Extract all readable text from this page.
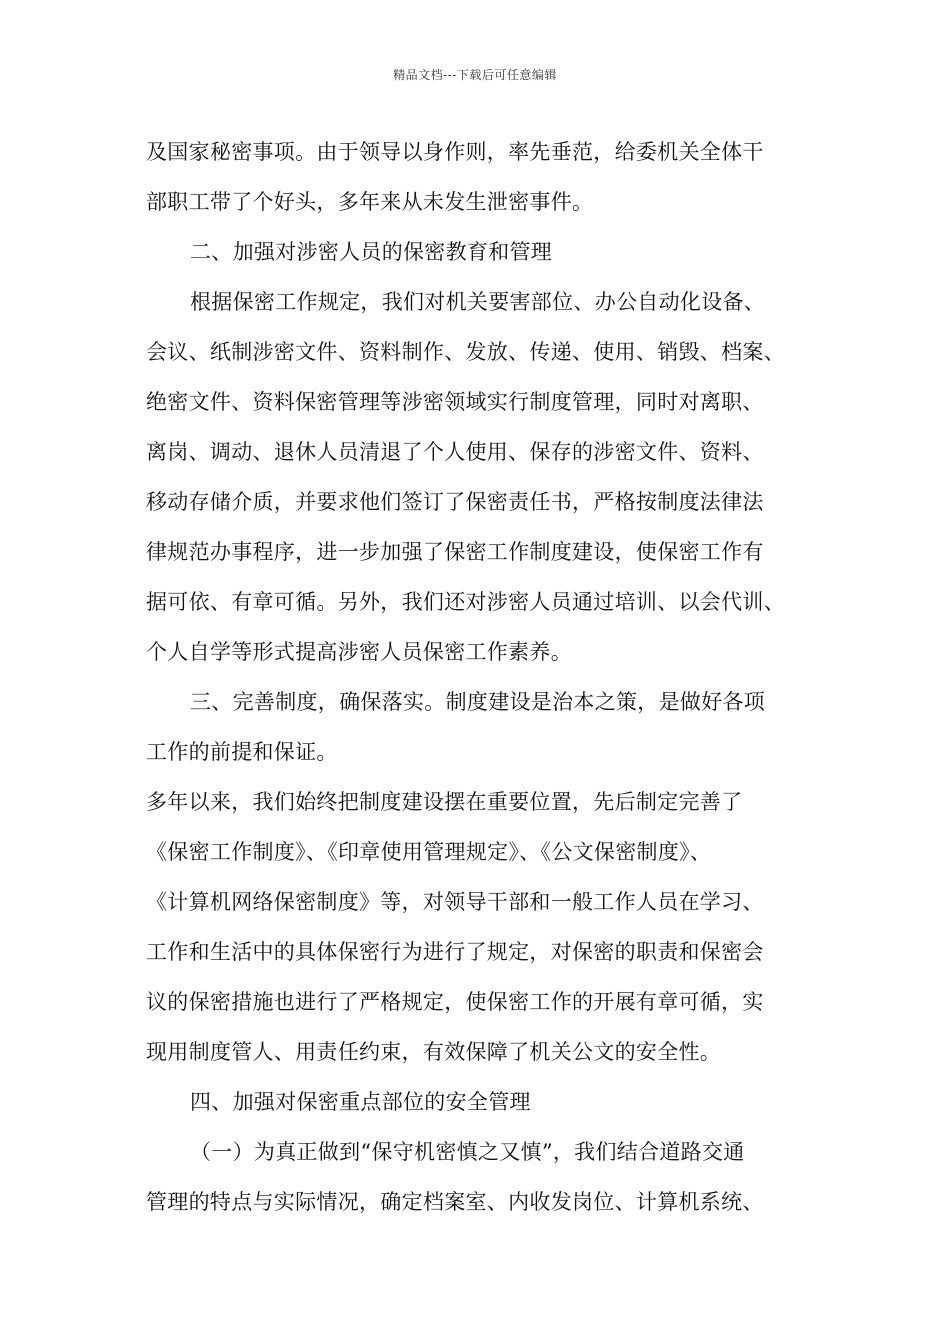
精品文档---下载后可任意编辑
及国家秘密事项。由于领导以身作则，率先垂范，给委机关全体干
部职工带了个好头，多年来从未发生泄密事件。
二、加强对涉密人员的保密教育和管理
根据保密工作规定，我们对机关要害部位、办公自动化设备、
会议、纸制涉密文件、资料制作、发放、传递、使用、销毁、档案、
绝密文件、资料保密管理等涉密领域实行制度管理，同时对离职、
离岗、调动、退休人员清退了个人使用、保存的涉密文件、资料、
移动存储介质，并要求他们签订了保密责任书，严格按制度法律法
律规范办事程序，进一步加强了保密工作制度建设，使保密工作有
据可依、有章可循。另外，我们还对涉密人员通过培训、以会代训、
个人自学等形式提高涉密人员保密工作素养。
三、完善制度，确保落实。制度建设是治本之策，是做好各项
工作的前提和保证。
多年以来，我们始终把制度建设摆在重要位置，先后制定完善了
《保密工作制度》、《印章使用管理规定》、《公文保密制度》、
《计算机网络保密制度》等，对领导干部和一般工作人员在学习、
工作和生活中的具体保密行为进行了规定，对保密的职责和保密会
议的保密措施也进行了严格规定，使保密工作的开展有章可循，实
现用制度管人、用责任约束，有效保障了机关公文的安全性。
四、加强对保密重点部位的安全管理
（一）为真正做到“保守机密慎之又慎”，我们结合道路交通
管理的特点与实际情况，确定档案室、内收发岗位、计算机系统、
